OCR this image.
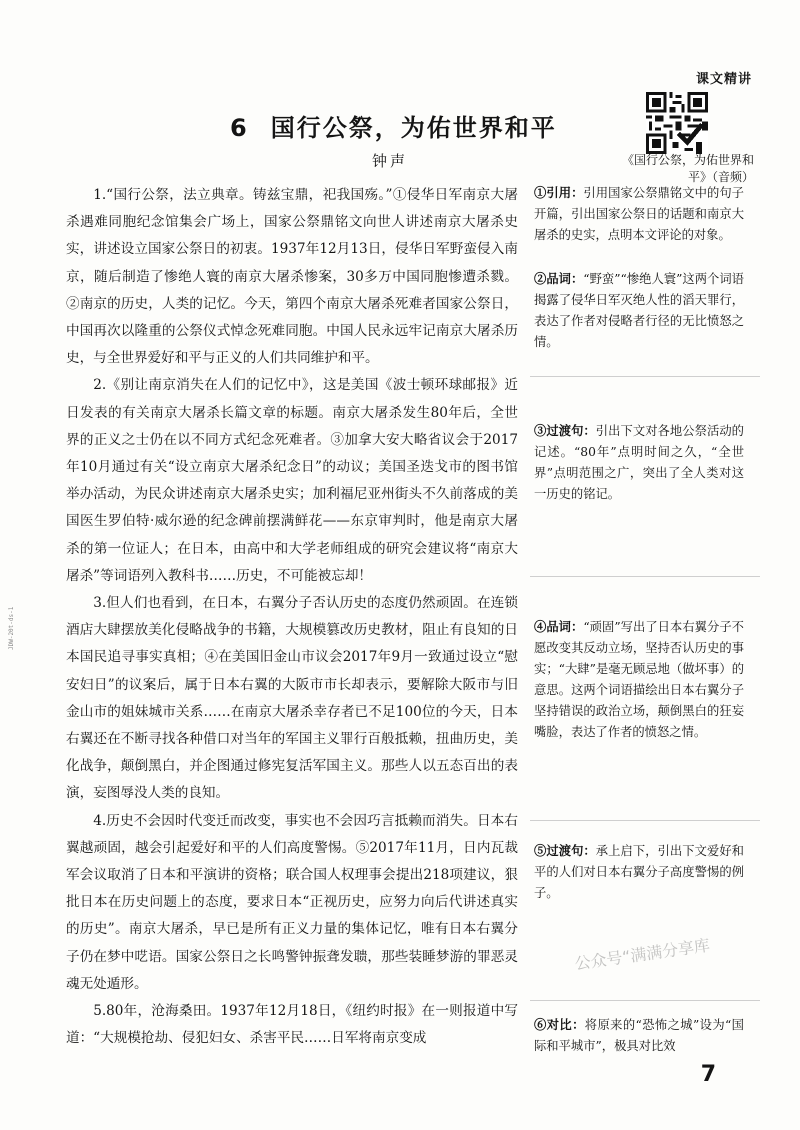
课文精讲
6 国行公祭，为佑世界和平
钟声	《国行公祭，为佑世界和平》（音频）

1.“国行公祭，法立典章。铸兹宝鼎，祀我国殇。”①侵华日军南京大屠杀遇难同胞纪念馆集会广场上，国家公祭鼎铭文向世人讲述南京大屠杀史实，讲述设立国家公祭日的初衷。1937年12月13日，侵华日军野蛮侵入南京，随后制造了惨绝人寰的南京大屠杀惨案，30多万中国同胞惨遭杀戮。②南京的历史，人类的记忆。今天，第四个南京大屠杀死难者国家公祭日，中国再次以隆重的公祭仪式悼念死难同胞。中国人民永远牢记南京大屠杀历史，与全世界爱好和平与正义的人们共同维护和平。

2.《别让南京消失在人们的记忆中》，这是美国《波士顿环球邮报》近日发表的有关南京大屠杀长篇文章的标题。南京大屠杀发生80年后，全世界的正义之士仍在以不同方式纪念死难者。③加拿大安大略省议会于2017年10月通过有关“设立南京大屠杀纪念日”的动议；美国圣迭戈市的图书馆举办活动，为民众讲述南京大屠杀史实；加利福尼亚州街头不久前落成的美国医生罗伯特·威尔逊的纪念碑前摆满鲜花——东京审判时，他是南京大屠杀的第一位证人；在日本，由高中和大学老师组成的研究会建议将“南京大屠杀”等词语列入教科书……历史，不可能被忘却！

3.但人们也看到，在日本，右翼分子否认历史的态度仍然顽固。在连锁酒店大肆摆放美化侵略战争的书籍，大规模篡改历史教材，阻止有良知的日本国民追寻事实真相；④在美国旧金山市议会2017年9月一致通过设立“慰安妇日”的议案后，属于日本右翼的大阪市市长却表示，要解除大阪市与旧金山市的姐妹城市关系……在南京大屠杀幸存者已不足100位的今天，日本右翼还在不断寻找各种借口对当年的军国主义罪行百般抵赖，扭曲历史，美化战争，颠倒黑白，并企图通过修宪复活军国主义。那些人以五态百出的表演，妄图辱没人类的良知。

4.历史不会因时代变迁而改变，事实也不会因巧言抵赖而消失。日本右翼越顽固，越会引起爱好和平的人们高度警惕。⑤2017年11月，日内瓦裁军会议取消了日本和平演讲的资格；联合国人权理事会提出218项建议，狠批日本在历史问题上的态度，要求日本“正视历史，应努力向后代讲述真实的历史”。南京大屠杀，早已是所有正义力量的集体记忆，唯有日本右翼分子仍在梦中呓语。国家公祭日之长鸣警钟振聋发聩，那些装睡梦游的罪恶灵魂无处遁形。

5.80年，沧海桑田。1937年12月18日，《纽约时报》在一则报道中写道：“大规模抢劫、侵犯妇女、杀害平民……日军将南京变成

①引用：引用国家公祭鼎铭文中的句子开篇，引出国家公祭日的话题和南京大屠杀的史实，点明本文评论的对象。
②品词：“野蛮”“惨绝人寰”这两个词语揭露了侵华日军灭绝人性的滔天罪行，表达了作者对侵略者行径的无比愤怒之情。
③过渡句：引出下文对各地公祭活动的记述。“80年”点明时间之久，“全世界”点明范围之广，突出了全人类对这一历史的铭记。
④品词：“顽固”写出了日本右翼分子不愿改变其反动立场，坚持否认历史的事实；“大肆”是毫无顾忌地（做坏事）的意思。这两个词语描绘出日本右翼分子坚持错误的政治立场，颠倒黑白的狂妄嘴脸，表达了作者的愤怒之情。
⑤过渡句：承上启下，引出下文爱好和平的人们对日本右翼分子高度警惕的例子。
⑥对比：将原来的“恐怖之城”设为“国际和平城市”，极具对比效
公众号“满满分享库
JDW-20t-ds-1
7
